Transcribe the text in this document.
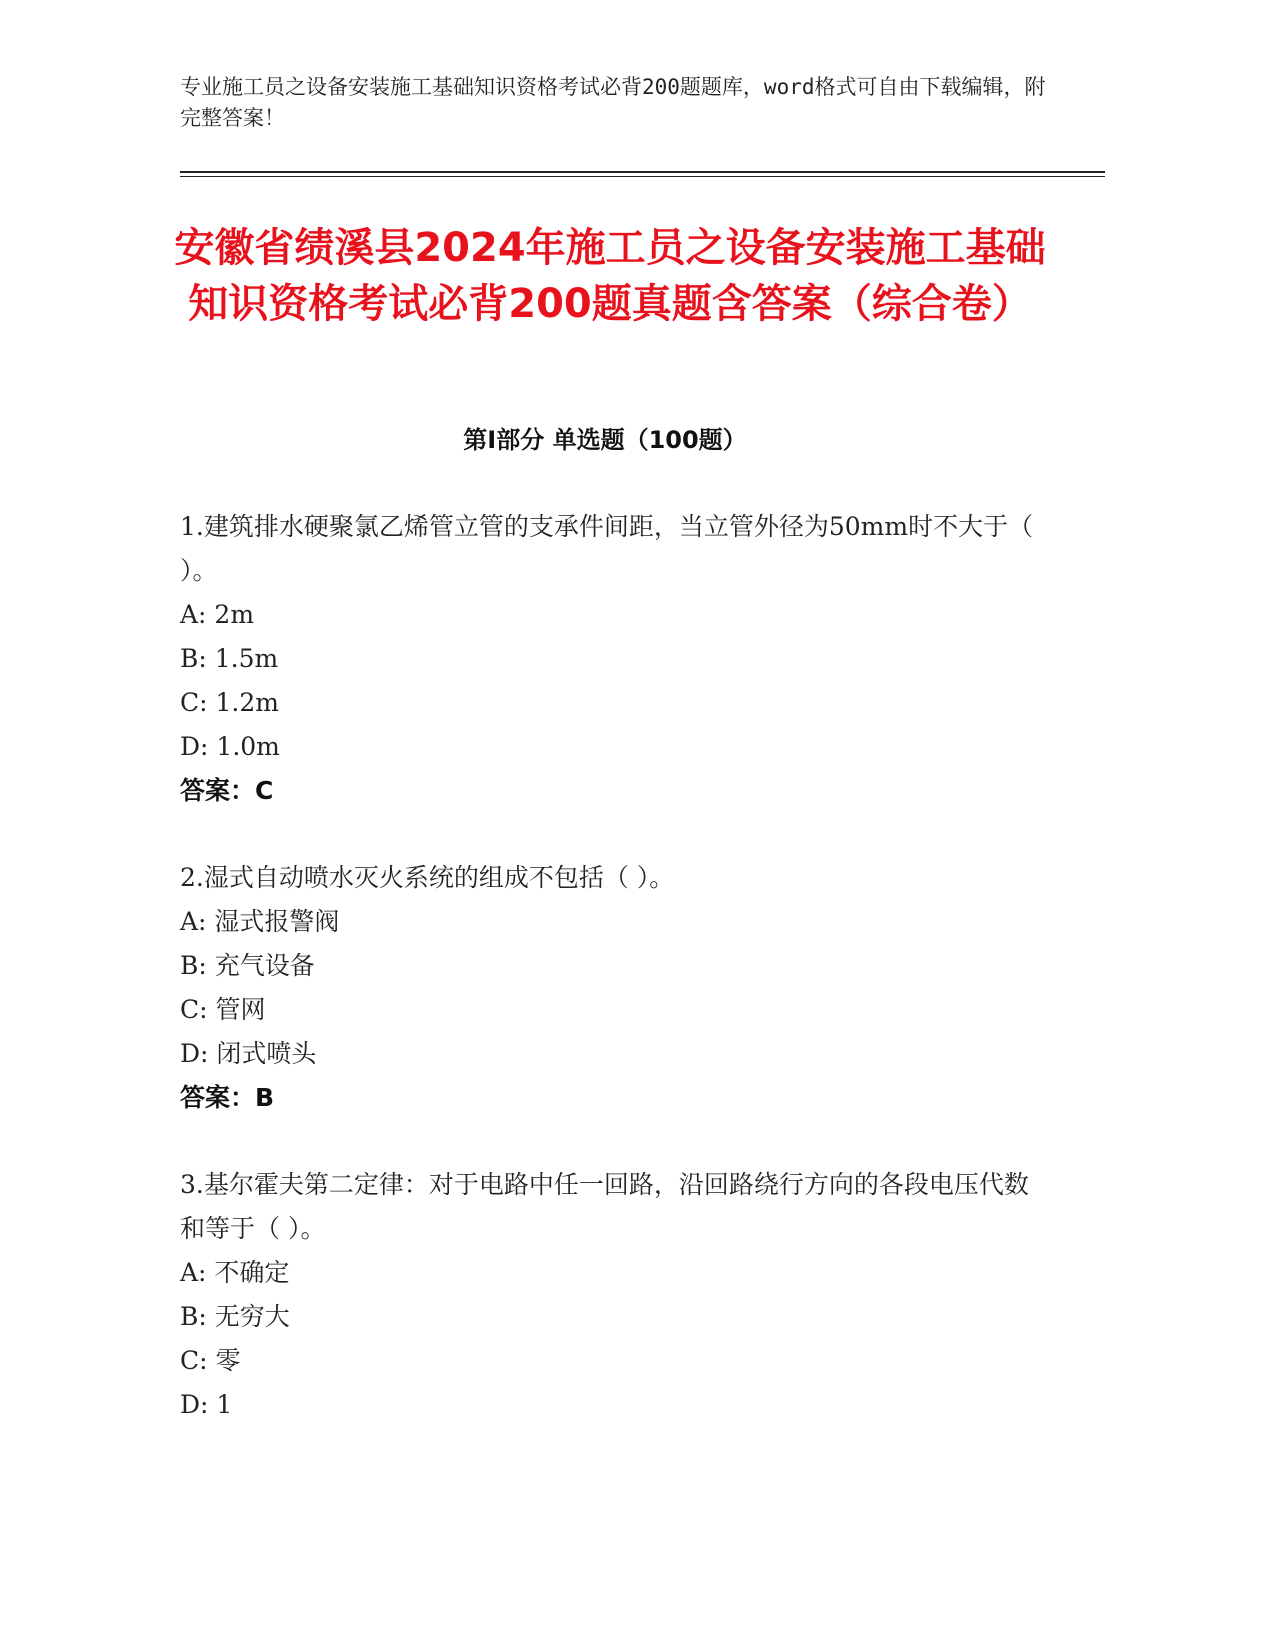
专业施工员之设备安装施工基础知识资格考试必背200题题库，word格式可自由下载编辑，附完整答案！
安徽省绩溪县2024年施工员之设备安装施工基础知识资格考试必背200题真题含答案（综合卷）
第Ⅰ部分 单选题（100题）
1.建筑排水硬聚氯乙烯管立管的支承件间距，当立管外径为50mm时不大于（ ）。
A: 2m
B: 1.5m
C: 1.2m
D: 1.0m
答案：C
2.湿式自动喷水灭火系统的组成不包括（ ）。
A: 湿式报警阀
B: 充气设备
C: 管网
D: 闭式喷头
答案：B
3.基尔霍夫第二定律：对于电路中任一回路，沿回路绕行方向的各段电压代数和等于（ ）。
A: 不确定
B: 无穷大
C: 零
D: 1
